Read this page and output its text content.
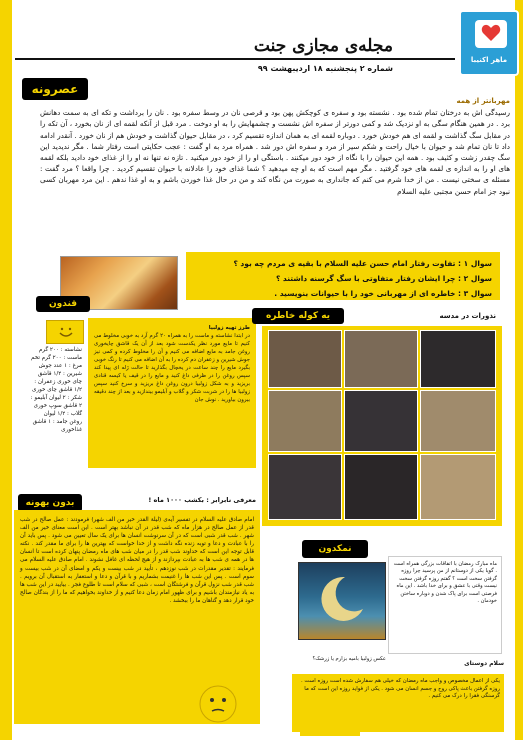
ماهر اکنیبا
مجله‌ی مجازی جنت
شماره ۲ پنجشنبه ۱۸ اردیبهشت ۹۹
عصرونه
مهربانتر از همه
رسیدگی اش به درختان تمام شده بود . نشسته بود و سفره ی کوچکش پهن بود و قرصی نان در وسط سفره بود . نان را برداشت و تکه ای به سمت دهانش برد . در همین هنگام سگی به او نزدیک شد و کمی دورتر از سفره اش نشست و چشمهایش را به او دوخت . مرد قبل از آنکه لقمه ای از نان بخورد ، آن تکه را در مقابل سگ گذاشت و لقمه ای هم خودش خورد . دوباره لقمه ای به همان اندازه تقسیم کرد ، در مقابل حیوان گذاشت و خودش هم از نان خورد . آنقدر ادامه داد تا نان تمام شد و حیوان با خیال راحت و شکم سیر از مرد و سفره اش دور شد . همراه مرد به او گفت : عجب حکایتی است رفتار شما . مگر ندیدید این سگ چقدر زشت و کثیف بود . همه این حیوان را با نگاه از خود دور میکنند . باستگی او را از خود دور میکنید . تازه نه تنها نه او را از غذای خود دادید بلکه لقمه های او را به اندازه ی لقمه های خود گرفتید . مگر مهم است که به او چه میدهید ؟ شما غذای خود را عادلانه با حیوان تقسیم کردید . چرا واقعا ؟ مرد گفت : مسئله ی سختی نیست . من از خدا شرم می کنم که جانداری به صورت من نگاه کند و من در حال غذا خوردن باشم و به او غذا ندهم . این مرد مهربان کسی نبود جز امام حسن مجتبی علیه السلام
سوال ۱ : تفاوت رفتار امام حسن علیه السلام با بقیه ی مردم چه بود ؟
سوال ۲ : چرا ایشان رفتار متفاوتی با سگ گرسنه داشتند ؟
سوال ۳ : خاطره ای از مهربانی خود را با حیوانات بنویسید .
قندون
نشاسته : ۲۰۰ گرم ماست : ۲۰۰ گرم تخم مرغ : ۱ عدد جوش شیرین : ۱/۲ قاشق چای خوری زعفران : ۱/۲ قاشق چای خوری شکر : ۲ لیوان آبلیمو : ۲ قاشق سوپ خوری گلاب : ۱/۲ لیوان روغن جامد : ۱ قاشق غذاخوری
طرز تهیه زولبیا
در ابتدا نشاسته و ماست را به همراه ۲۰ گرم آرد به خوبی مخلوط می کنیم تا مایع مورد نظر یکدست شود بعد از آن یک قاشق چایخوری روغن جامد به مایع اضافه می کنیم و آن را مخلوط کرده و کمی نیز جوش شیرین و زعفران دم کرده را به آن اضافه می کنیم تا رنگ خوبی بگیرد مایع را چند ساعت در یخچال بگذارید تا حالت ژله ای پیدا کند سپس روغن را در ظرفی داغ کنید و مایع را در قیف یا کیسه قنادی بریزید و به شکل زولبیا درون روغن داغ بریزید و سرخ کنید سپس زولبیا ها را در شربت شکر و گلاب و آبلیمو بیندازید و بعد از چند دقیقه بیرون بیاورید . نوش جان
یه کوله خاطره	نذورات در مدسه
بدون بهونه	معرفی نابرابر : بکشب ۱۰۰۰ ماه !
امام صادق علیه السلام در تفسیر آیه‌ی (لیلة القدر خیر من الف شهر) فرمودند : عمل صالح در شب قدر از عمل صالح در هزار ماه که شب قدر در آن نباشد بهتر است . این است معنای خیر من الف شهر . شب قدر شبی است که در آن سرنوشت انسان ها برای یک سال تعیین می شود . پس باید آن را با عبادت و دعا و توبه زنده نگه داشت و از خدا خواست که بهترین ها را برای ما مقدر کند . نکته قابل توجه این است که خداوند شب قدر را در میان شب های ماه رمضان پنهان کرده است تا انسان ها در همه ی شب ها به عبادت بپردازند و از هیچ لحظه ای غافل نشوند . امام صادق علیه السلام می فرمایند : تقدیر مقدرات در شب نوزدهم ، تأیید در شب بیست و یکم و امضای آن در شب بیست و سوم است . پس این شب ها را غنیمت بشماریم و با قرآن و دعا و استغفار به استقبال آن برویم . شب قدر شب نزول قرآن و فرشتگان است ، شبی که سلام است تا طلوع فجر . بیایید در این شب ها به یاد نیازمندان باشیم و برای ظهور امام زمان دعا کنیم و از خداوند بخواهیم که ما را از بندگان صالح خود قرار دهد و گناهان ما را ببخشد .
نمکدون
ماه مبارک رمضان با اتفاقات بزرگی همراه است . گویا یکی از دوستانم از من پرسید چرا روزه گرفتن سخت است ؟ گفتم روزه گرفتن سخت نیست وقتی با عشق و برای خدا باشد . این ماه فرصتی است برای پاک شدن و دوباره ساختن خودمان .
عکس زولبیا بامیه بزارم یا زرشک؟
سلام دوستای
یکی از اعمال مخصوص و واجب ماه رمضان که خیلی هم سفارش شده است روزه است . روزه گرفتن باعث پاکی روح و جسم انسان می شود . یکی از فواید روزه این است که ما گرسنگی فقرا را درک می کنیم .
